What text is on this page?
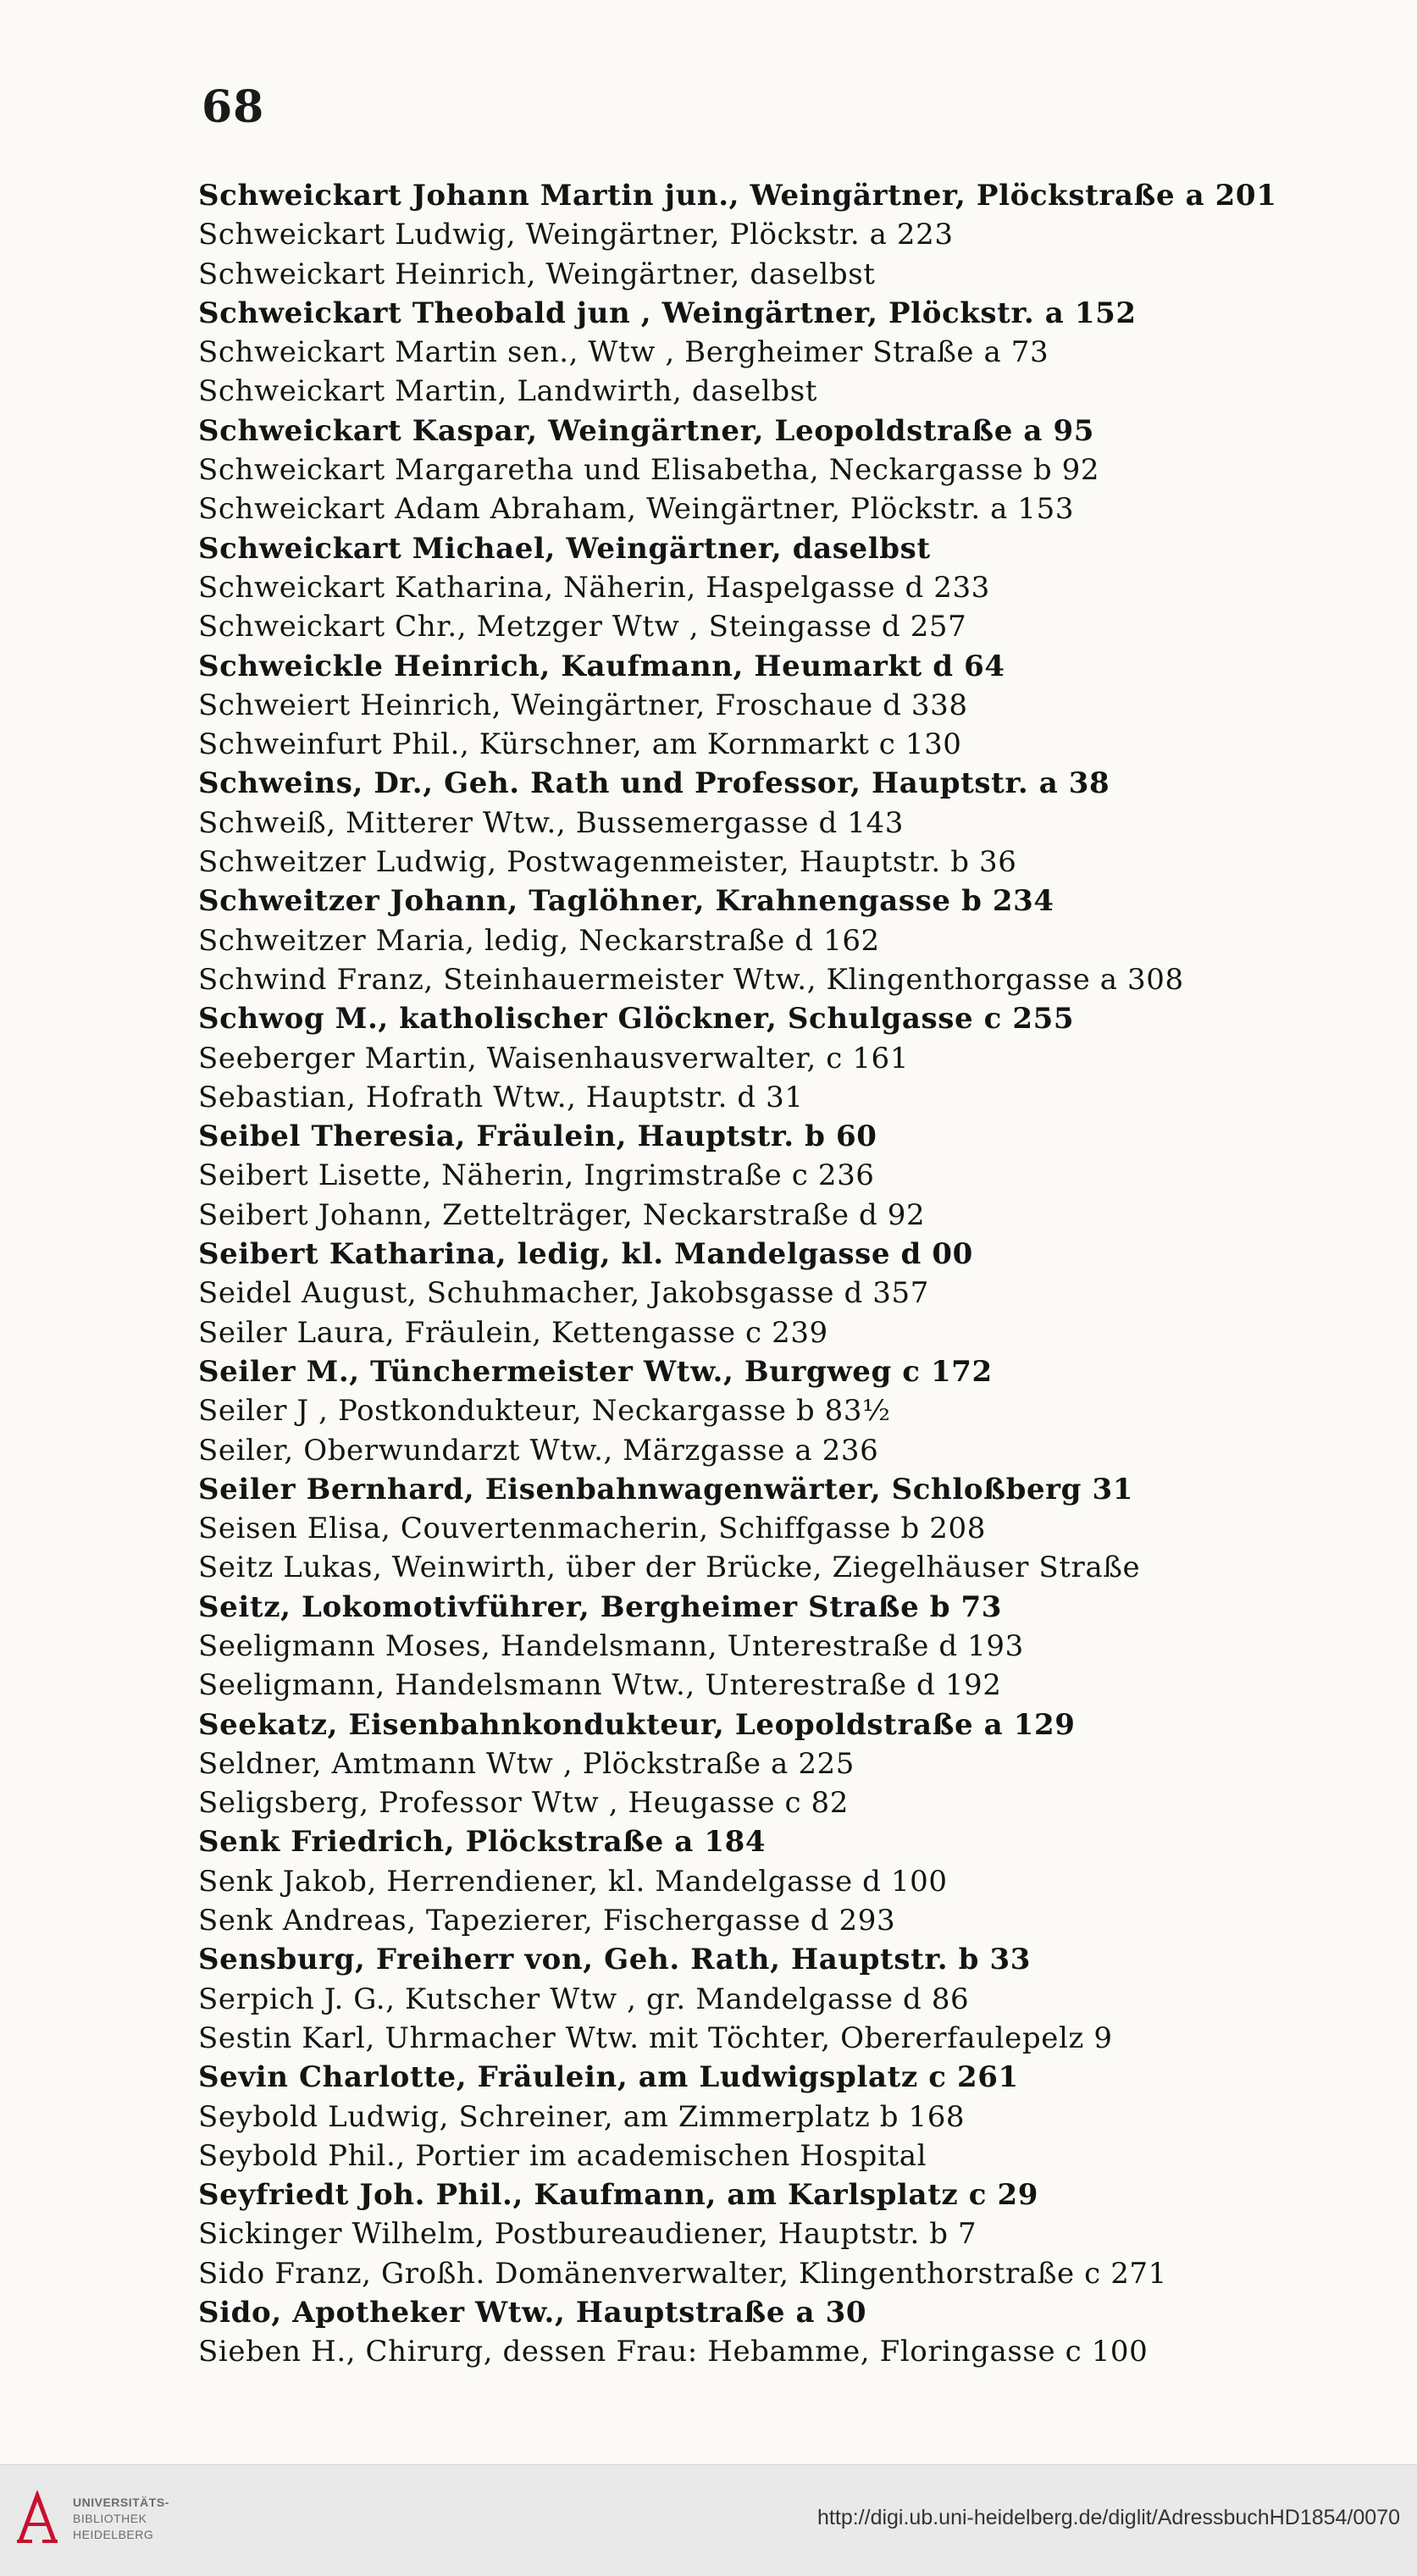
68
Schweickart Johann Martin jun., Weingärtner, Plöckstraße a 201
Schweickart Ludwig, Weingärtner, Plöckstr. a 223
Schweickart Heinrich, Weingärtner, daselbst
Schweickart Theobald jun , Weingärtner, Plöckstr. a 152
Schweickart Martin sen., Wtw , Bergheimer Straße a 73
Schweickart Martin, Landwirth, daselbst
Schweickart Kaspar, Weingärtner, Leopoldstraße a 95
Schweickart Margaretha und Elisabetha, Neckargasse b 92
Schweickart Adam Abraham, Weingärtner, Plöckstr. a 153
Schweickart Michael, Weingärtner, daselbst
Schweickart Katharina, Näherin, Haspelgasse d 233
Schweickart Chr., Metzger Wtw , Steingasse d 257
Schweickle Heinrich, Kaufmann, Heumarkt d 64
Schweiert Heinrich, Weingärtner, Froschaue d 338
Schweinfurt Phil., Kürschner, am Kornmarkt c 130
Schweins, Dr., Geh. Rath und Professor, Hauptstr. a 38
Schweiß, Mitterer Wtw., Bussemergasse d 143
Schweitzer Ludwig, Postwagenmeister, Hauptstr. b 36
Schweitzer Johann, Taglöhner, Krahnengasse b 234
Schweitzer Maria, ledig, Neckarstraße d 162
Schwind Franz, Steinhauermeister Wtw., Klingenthorgasse a 308
Schwog M., katholischer Glöckner, Schulgasse c 255
Seeberger Martin, Waisenhausverwalter, c 161
Sebastian, Hofrath Wtw., Hauptstr. d 31
Seibel Theresia, Fräulein, Hauptstr. b 60
Seibert Lisette, Näherin, Ingrimstraße c 236
Seibert Johann, Zettelträger, Neckarstraße d 92
Seibert Katharina, ledig, kl. Mandelgasse d 00
Seidel August, Schuhmacher, Jakobsgasse d 357
Seiler Laura, Fräulein, Kettengasse c 239
Seiler M., Tünchermeister Wtw., Burgweg c 172
Seiler J , Postkondukteur, Neckargasse b 83½
Seiler, Oberwundarzt Wtw., Märzgasse a 236
Seiler Bernhard, Eisenbahnwagenwärter, Schloßberg 31
Seisen Elisa, Couvertenmacherin, Schiffgasse b 208
Seitz Lukas, Weinwirth, über der Brücke, Ziegelhäuser Straße
Seitz, Lokomotivführer, Bergheimer Straße b 73
Seeligmann Moses, Handelsmann, Unterestraße d 193
Seeligmann, Handelsmann Wtw., Unterestraße d 192
Seekatz, Eisenbahnkondukteur, Leopoldstraße a 129
Seldner, Amtmann Wtw , Plöckstraße a 225
Seligsberg, Professor Wtw , Heugasse c 82
Senk Friedrich, Plöckstraße a 184
Senk Jakob, Herrendiener, kl. Mandelgasse d 100
Senk Andreas, Tapezierer, Fischergasse d 293
Sensburg, Freiherr von, Geh. Rath, Hauptstr. b 33
Serpich J. G., Kutscher Wtw , gr. Mandelgasse d 86
Sestin Karl, Uhrmacher Wtw. mit Töchter, Obererfaulepelz 9
Sevin Charlotte, Fräulein, am Ludwigsplatz c 261
Seybold Ludwig, Schreiner, am Zimmerplatz b 168
Seybold Phil., Portier im academischen Hospital
Seyfriedt Joh. Phil., Kaufmann, am Karlsplatz c 29
Sickinger Wilhelm, Postbureaudiener, Hauptstr. b 7
Sido Franz, Großh. Domänenverwalter, Klingenthorstraße c 271
Sido, Apotheker Wtw., Hauptstraße a 30
Sieben H., Chirurg, dessen Frau: Hebamme, Floringasse c 100
UNIVERSITÄTS-
BIBLIOTHEK
HEIDELBERG
http://digi.ub.uni-heidelberg.de/diglit/AdressbuchHD1854/0070
